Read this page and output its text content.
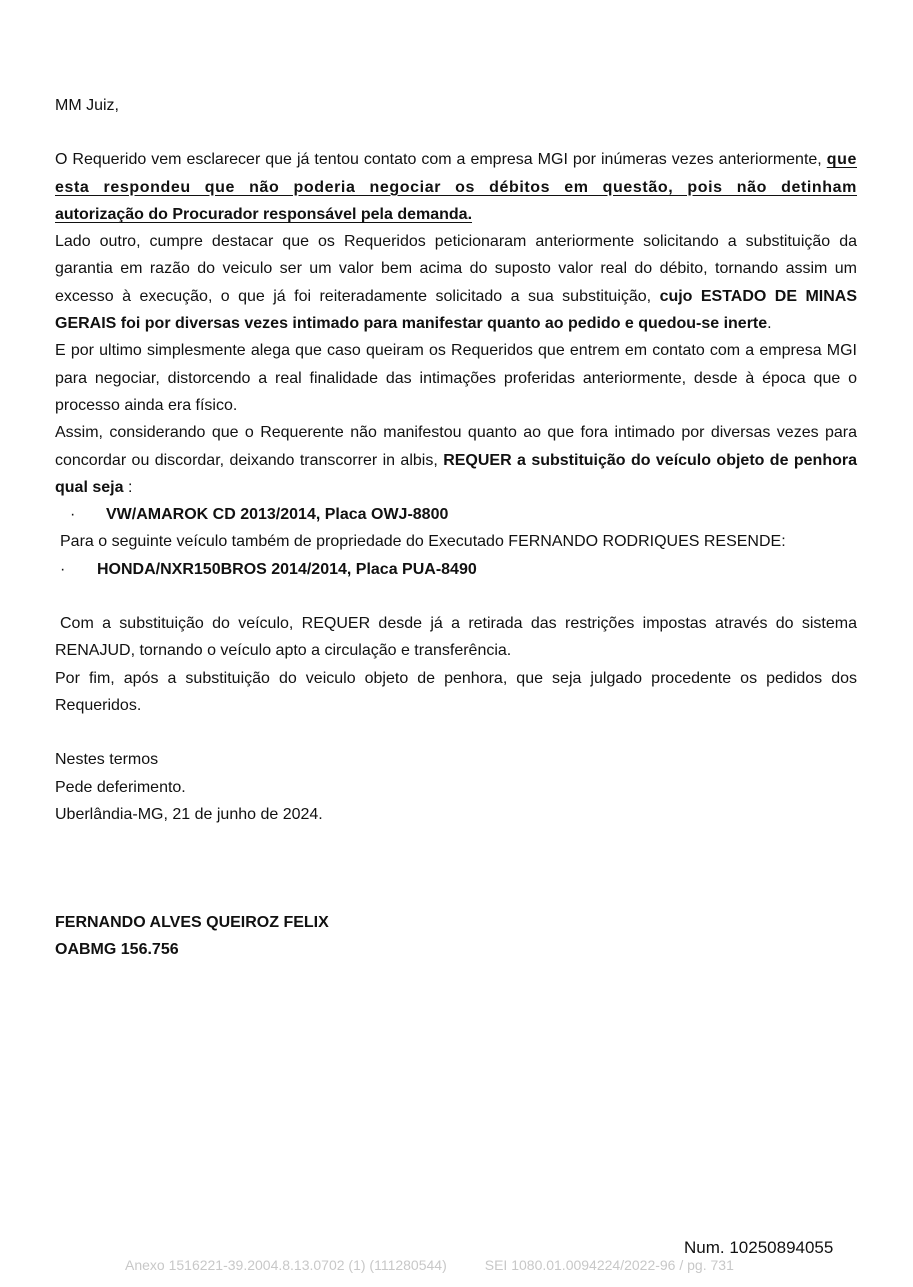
MM Juiz,

O Requerido vem esclarecer que já tentou contato com a empresa MGI por inúmeras vezes anteriormente, que esta respondeu que não poderia negociar os débitos em questão, pois não detinham autorização do Procurador responsável pela demanda.

Lado outro, cumpre destacar que os Requeridos peticionaram anteriormente solicitando a substituição da garantia em razão do veiculo ser um valor bem acima do suposto valor real do débito, tornando assim um excesso à execução, o que já foi reiteradamente solicitado a sua substituição, cujo ESTADO DE MINAS GERAIS foi por diversas vezes intimado para manifestar quanto ao pedido e quedou-se inerte.

E por ultimo simplesmente alega que caso queiram os Requeridos que entrem em contato com a empresa MGI para negociar, distorcendo a real finalidade das intimações proferidas anteriormente, desde à época que o processo ainda era físico.

Assim, considerando que o Requerente não manifestou quanto ao que fora intimado por diversas vezes para concordar ou discordar, deixando transcorrer in albis, REQUER a substituição do veículo objeto de penhora qual seja :

·	VW/AMAROK CD 2013/2014, Placa OWJ-8800

Para o seguinte veículo também de propriedade do Executado FERNANDO RODRIQUES RESENDE:

·	HONDA/NXR150BROS 2014/2014, Placa PUA-8490

Com a substituição do veículo, REQUER desde já a retirada das restrições impostas através do sistema RENAJUD, tornando o veículo apto a circulação e transferência.

Por fim, após a substituição do veiculo objeto de penhora, que seja julgado procedente os pedidos dos Requeridos.

Nestes termos

Pede deferimento.

Uberlândia-MG, 21 de junho de 2024.

FERNANDO ALVES QUEIROZ FELIX

OABMG 156.756

Num. 10250894055
Anexo 1516221-39.2004.8.13.0702 (1) (111280544)	SEI 1080.01.0094224/2022-96 / pg. 731
